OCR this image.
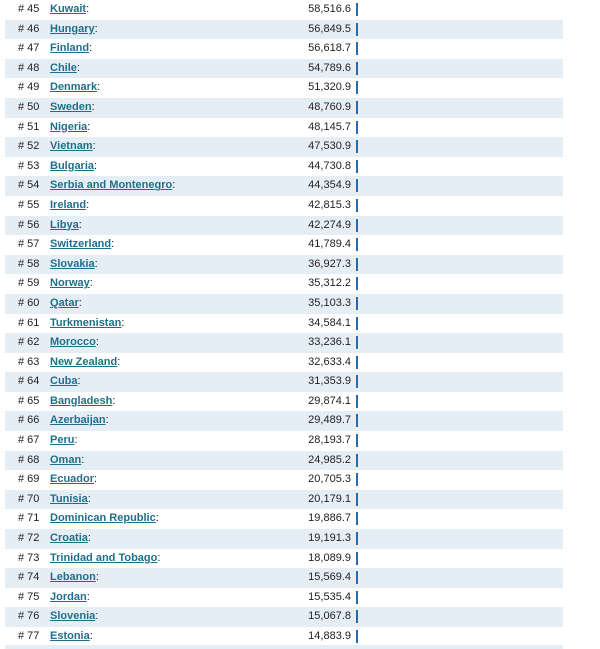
# 45 Kuwait:	58,516.6
# 46 Hungary:	56,849.5
# 47 Finland:	56,618.7
# 48 Chile:	54,789.6
# 49 Denmark:	51,320.9
# 50 Sweden:	48,760.9
# 51 Nigeria:	48,145.7
# 52 Vietnam:	47,530.9
# 53 Bulgaria:	44,730.8
# 54 Serbia and Montenegro:	44,354.9
# 55 Ireland:	42,815.3
# 56 Libya:	42,274.9
# 57 Switzerland:	41,789.4
# 58 Slovakia:	36,927.3
# 59 Norway:	35,312.2
# 60 Qatar:	35,103.3
# 61 Turkmenistan:	34,584.1
# 62 Morocco:	33,236.1
# 63 New Zealand:	32,633.4
# 64 Cuba:	31,353.9
# 65 Bangladesh:	29,874.1
# 66 Azerbaijan:	29,489.7
# 67 Peru:	28,193.7
# 68 Oman:	24,985.2
# 69 Ecuador:	20,705.3
# 70 Tunisia:	20,179.1
# 71 Dominican Republic:	19,886.7
# 72 Croatia:	19,191.3
# 73 Trinidad and Tobago:	18,089.9
# 74 Lebanon:	15,569.4
# 75 Jordan:	15,535.4
# 76 Slovenia:	15,067.8
# 77 Estonia:	14,883.9
